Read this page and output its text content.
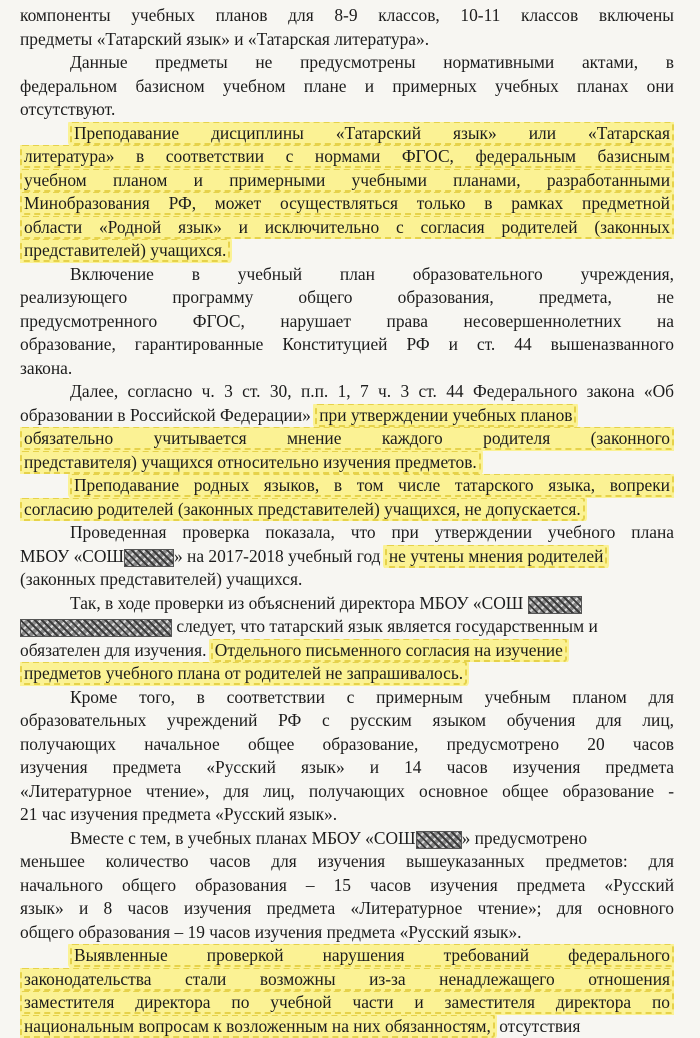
компоненты учебных планов для 8-9 классов, 10-11 классов включены
предметы «Татарский язык» и «Татарская литература».
Данные предметы не предусмотрены нормативными актами, в
федеральном базисном учебном плане и примерных учебных планах они
отсутствуют.
Преподавание дисциплины «Татарский язык» или «Татарская
литература» в соответствии с нормами ФГОС, федеральным базисным
учебном планом и примерными учебными планами, разработанными
Минобразования РФ, может осуществляться только в рамках предметной
области «Родной язык» и исключительно с согласия родителей (законных
представителей) учащихся.
Включение в учебный план образовательного учреждения,
реализующего программу общего образования, предмета, не
предусмотренного ФГОС, нарушает права несовершеннолетних на
образование, гарантированные Конституцией РФ и ст. 44 вышеназванного
закона.
Далее, согласно ч. 3 ст. 30, п.п. 1, 7 ч. 3 ст. 44 Федерального закона «Об
образовании в Российской Федерации» при утверждении учебных планов
обязательно учитывается мнение каждого родителя (законного
представителя) учащихся относительно изучения предметов.
Преподавание родных языков, в том числе татарского языка, вопреки
согласию родителей (законных представителей) учащихся, не допускается.
Проведенная проверка показала, что при утверждении учебного плана
МБОУ «СОШ	» на 2017-2018 учебный год не учтены мнения родителей
(законных представителей) учащихся.
Так, в ходе проверки из объяснений директора МБОУ «СОШ
следует, что татарский язык является государственным и
обязателен для изучения. Отдельного письменного согласия на изучение
предметов учебного плана от родителей не запрашивалось.
Кроме того, в соответствии с примерным учебным планом для
образовательных учреждений РФ с русским языком обучения для лиц,
получающих начальное общее образование, предусмотрено 20 часов
изучения предмета «Русский язык» и 14 часов изучения предмета
«Литературное чтение», для лиц, получающих основное общее образование -
21 час изучения предмета «Русский язык».
Вместе с тем, в учебных планах МБОУ «СОШ	» предусмотрено
меньшее количество часов для изучения вышеуказанных предметов: для
начального общего образования – 15 часов изучения предмета «Русский
язык» и 8 часов изучения предмета «Литературное чтение»; для основного
общего образования – 19 часов изучения предмета «Русский язык».
Выявленные проверкой нарушения требований федерального
законодательства стали возможны из-за ненадлежащего отношения
заместителя директора по учебной части и заместителя директора по
национальным вопросам к возложенным на них обязанностям, отсутствия
